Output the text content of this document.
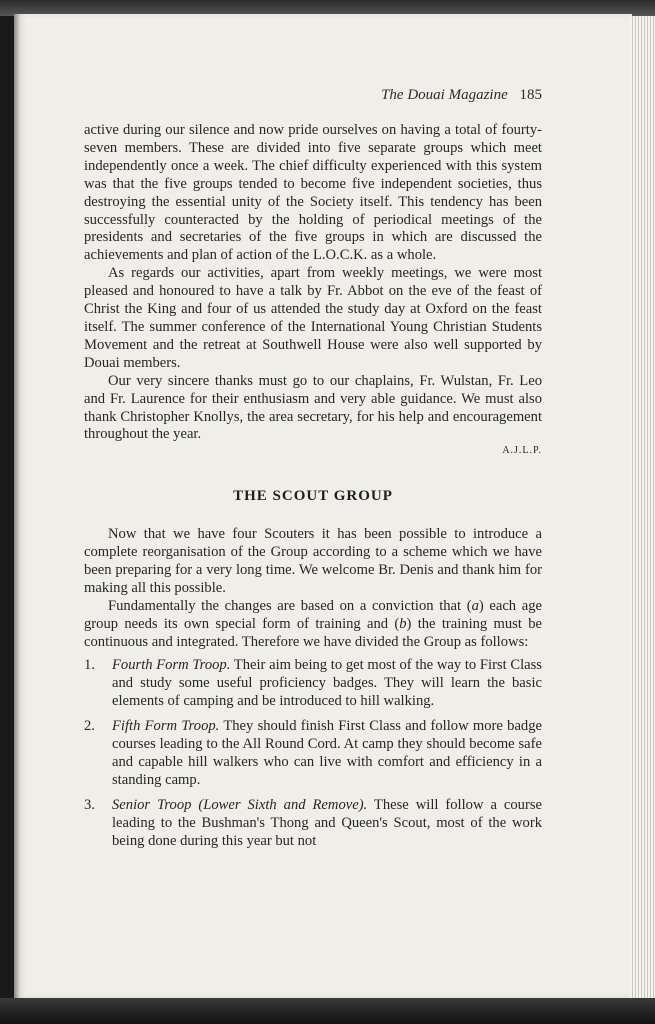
The Douai Magazine 185

active during our silence and now pride ourselves on having a total of fourty-seven members. These are divided into five separate groups which meet independently once a week. The chief difficulty experienced with this system was that the five groups tended to become five independent societies, thus destroying the essential unity of the Society itself. This tendency has been successfully counteracted by the holding of periodical meetings of the presidents and secretaries of the five groups in which are discussed the achievements and plan of action of the L.O.C.K. as a whole.

As regards our activities, apart from weekly meetings, we were most pleased and honoured to have a talk by Fr. Abbot on the eve of the feast of Christ the King and four of us attended the study day at Oxford on the feast itself. The summer conference of the International Young Christian Students Movement and the retreat at Southwell House were also well supported by Douai members.

Our very sincere thanks must go to our chaplains, Fr. Wulstan, Fr. Leo and Fr. Laurence for their enthusiasm and very able guidance. We must also thank Christopher Knollys, the area secretary, for his help and encouragement throughout the year.

A.J.L.P.
THE SCOUT GROUP

Now that we have four Scouters it has been possible to introduce a complete reorganisation of the Group according to a scheme which we have been preparing for a very long time. We welcome Br. Denis and thank him for making all this possible.

Fundamentally the changes are based on a conviction that (a) each age group needs its own special form of training and (b) the training must be continuous and integrated. Therefore we have divided the Group as follows:

1. Fourth Form Troop. Their aim being to get most of the way to First Class and study some useful proficiency badges. They will learn the basic elements of camping and be introduced to hill walking.
2. Fifth Form Troop. They should finish First Class and follow more badge courses leading to the All Round Cord. At camp they should become safe and capable hill walkers who can live with comfort and efficiency in a standing camp.
3. Senior Troop (Lower Sixth and Remove). These will follow a course leading to the Bushman's Thong and Queen's Scout, most of the work being done during this year but not
